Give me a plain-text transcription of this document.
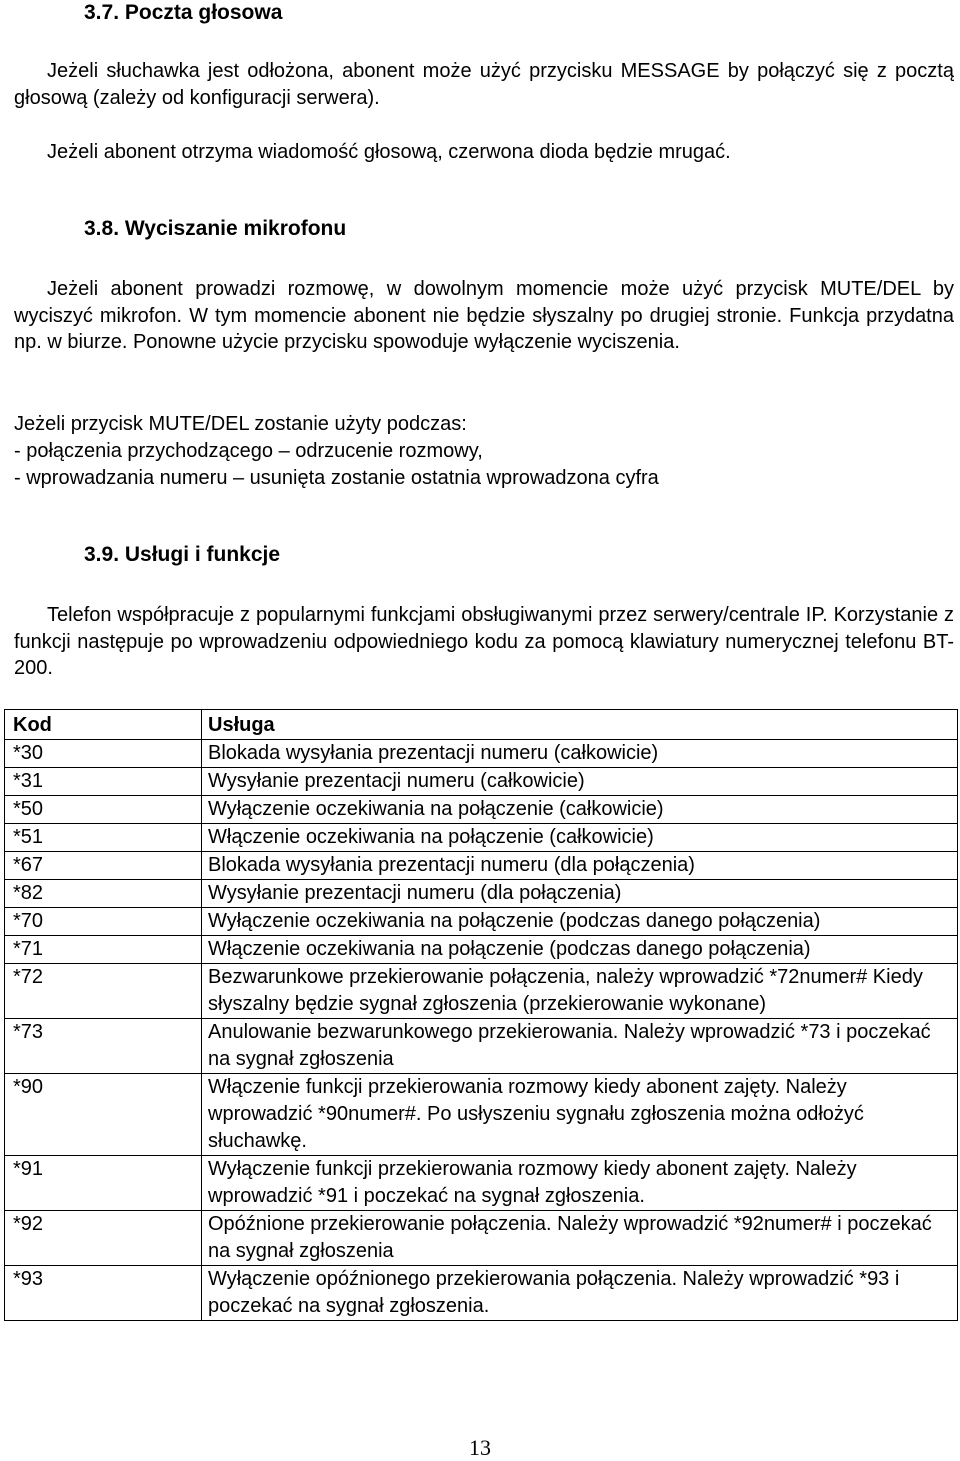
3.7. Poczta głosowa
Jeżeli słuchawka jest odłożona, abonent może użyć przycisku MESSAGE by połączyć się z pocztą głosową (zależy od konfiguracji serwera).
Jeżeli abonent otrzyma wiadomość głosową, czerwona dioda będzie mrugać.
3.8. Wyciszanie mikrofonu
Jeżeli abonent prowadzi rozmowę, w dowolnym momencie może użyć przycisk MUTE/DEL by wyciszyć mikrofon. W tym momencie abonent nie będzie słyszalny po drugiej stronie. Funkcja przydatna np. w biurze. Ponowne użycie przycisku spowoduje wyłączenie wyciszenia.
Jeżeli przycisk MUTE/DEL zostanie użyty podczas:
- połączenia przychodzącego – odrzucenie rozmowy,
- wprowadzania numeru – usunięta zostanie ostatnia wprowadzona cyfra
3.9. Usługi i funkcje
Telefon współpracuje z popularnymi funkcjami obsługiwanymi przez serwery/centrale IP. Korzystanie z funkcji następuje po wprowadzeniu odpowiedniego kodu za pomocą klawiatury numerycznej telefonu BT-200.
Kod	Usługa
*30	Blokada wysyłania prezentacji numeru (całkowicie)
*31	Wysyłanie prezentacji numeru (całkowicie)
*50	Wyłączenie oczekiwania na połączenie (całkowicie)
*51	Włączenie oczekiwania na połączenie (całkowicie)
*67	Blokada wysyłania prezentacji numeru (dla połączenia)
*82	Wysyłanie prezentacji numeru (dla połączenia)
*70	Wyłączenie oczekiwania na połączenie (podczas danego połączenia)
*71	Włączenie oczekiwania na połączenie (podczas danego połączenia)
*72	Bezwarunkowe przekierowanie połączenia, należy wprowadzić *72numer# Kiedy słyszalny będzie sygnał zgłoszenia (przekierowanie wykonane)
*73	Anulowanie bezwarunkowego przekierowania. Należy wprowadzić *73 i poczekać na sygnał zgłoszenia
*90	Włączenie funkcji przekierowania rozmowy kiedy abonent zajęty. Należy wprowadzić *90numer#. Po usłyszeniu sygnału zgłoszenia można odłożyć słuchawkę.
*91	Wyłączenie funkcji przekierowania rozmowy kiedy abonent zajęty. Należy wprowadzić *91 i poczekać na sygnał zgłoszenia.
*92	Opóźnione przekierowanie połączenia. Należy wprowadzić *92numer# i poczekać na sygnał zgłoszenia
*93	Wyłączenie opóźnionego przekierowania połączenia. Należy wprowadzić *93 i poczekać na sygnał zgłoszenia.
13
